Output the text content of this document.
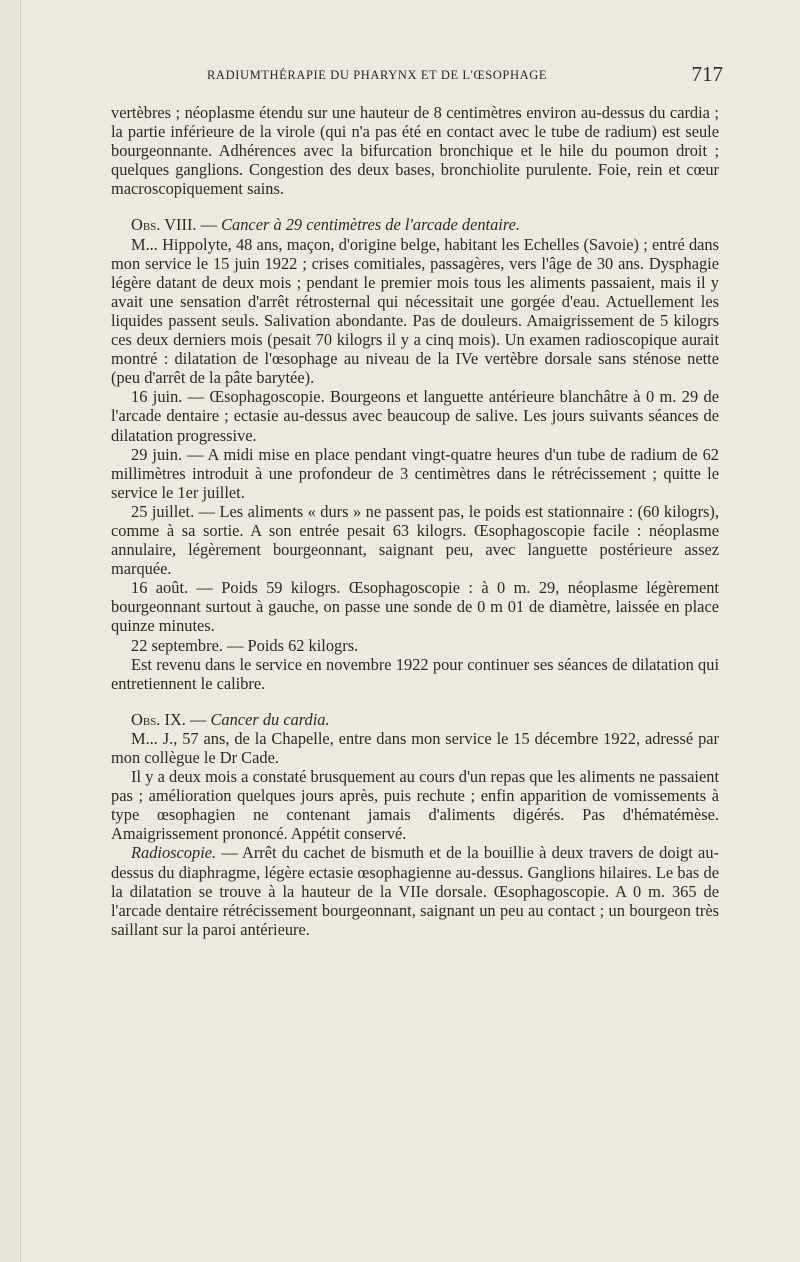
RADIUMTHÉRAPIE DU PHARYNX ET DE L'ŒSOPHAGE	717

vertèbres ; néoplasme étendu sur une hauteur de 8 centimètres environ au-dessus du cardia ; la partie inférieure de la virole (qui n'a pas été en contact avec le tube de radium) est seule bourgeonnante. Adhérences avec la bifurcation bronchique et le hile du poumon droit ; quelques ganglions. Congestion des deux bases, bronchiolite purulente. Foie, rein et cœur macroscopiquement sains.

Obs. VIII. — Cancer à 29 centimètres de l'arcade dentaire.

M... Hippolyte, 48 ans, maçon, d'origine belge, habitant les Echelles (Savoie) ; entré dans mon service le 15 juin 1922 ; crises comitiales, passagères, vers l'âge de 30 ans. Dysphagie légère datant de deux mois ; pendant le premier mois tous les aliments passaient, mais il y avait une sensation d'arrêt rétrosternal qui nécessitait une gorgée d'eau. Actuellement les liquides passent seuls. Salivation abondante. Pas de douleurs. Amaigrissement de 5 kilogrs ces deux derniers mois (pesait 70 kilogrs il y a cinq mois). Un examen radioscopique aurait montré : dilatation de l'œsophage au niveau de la IVe vertèbre dorsale sans sténose nette (peu d'arrêt de la pâte barytée).

16 juin. — Œsophagoscopie. Bourgeons et languette antérieure blanchâtre à 0 m. 29 de l'arcade dentaire ; ectasie au-dessus avec beaucoup de salive. Les jours suivants séances de dilatation progressive.

29 juin. — A midi mise en place pendant vingt-quatre heures d'un tube de radium de 62 millimètres introduit à une profondeur de 3 centimètres dans le rétrécissement ; quitte le service le 1er juillet.

25 juillet. — Les aliments « durs » ne passent pas, le poids est stationnaire : (60 kilogrs), comme à sa sortie. A son entrée pesait 63 kilogrs. Œsophagoscopie facile : néoplasme annulaire, légèrement bourgeonnant, saignant peu, avec languette postérieure assez marquée.

16 août. — Poids 59 kilogrs. Œsophagoscopie : à 0 m. 29, néoplasme légèrement bourgeonnant surtout à gauche, on passe une sonde de 0 m 01 de diamètre, laissée en place quinze minutes.

22 septembre. — Poids 62 kilogrs.

Est revenu dans le service en novembre 1922 pour continuer ses séances de dilatation qui entretiennent le calibre.

Obs. IX. — Cancer du cardia.

M... J., 57 ans, de la Chapelle, entre dans mon service le 15 décembre 1922, adressé par mon collègue le Dr Cade.

Il y a deux mois a constaté brusquement au cours d'un repas que les aliments ne passaient pas ; amélioration quelques jours après, puis rechute ; enfin apparition de vomissements à type œsophagien ne contenant jamais d'aliments digérés. Pas d'hématémèse. Amaigrissement prononcé. Appétit conservé.

Radioscopie. — Arrêt du cachet de bismuth et de la bouillie à deux travers de doigt au-dessus du diaphragme, légère ectasie œsophagienne au-dessus. Ganglions hilaires. Le bas de la dilatation se trouve à la hauteur de la VIIe dorsale. Œsophagoscopie. A 0 m. 365 de l'arcade dentaire rétrécissement bourgeonnant, saignant un peu au contact ; un bourgeon très saillant sur la paroi antérieure.
